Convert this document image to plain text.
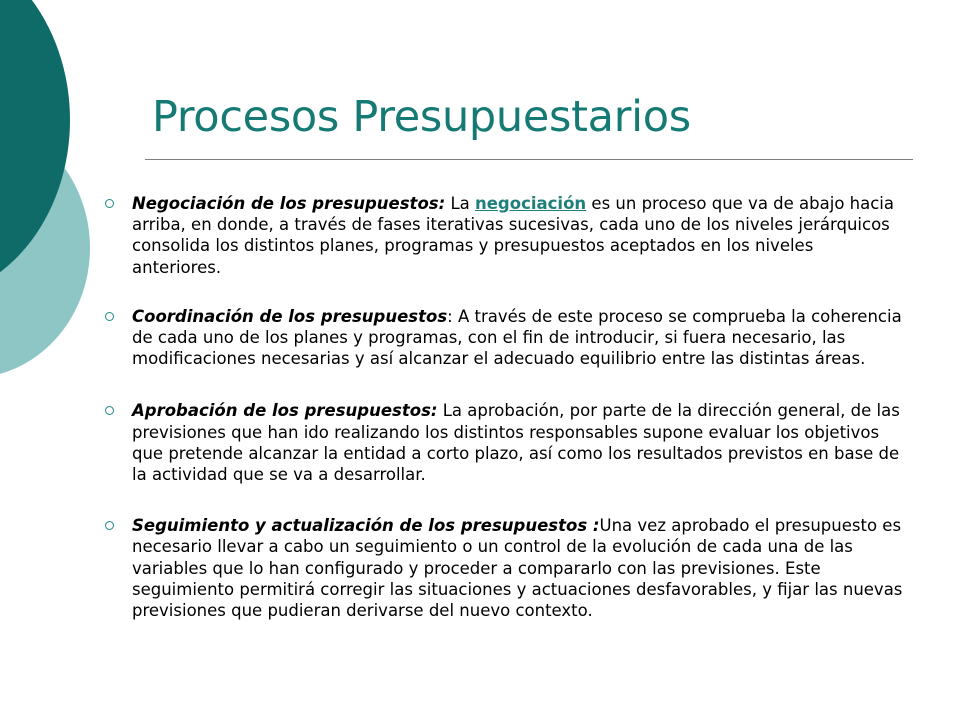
Procesos Presupuestarios
Negociación de los presupuestos: La negociación es un proceso que va de abajo hacia arriba, en donde, a través de fases iterativas sucesivas, cada uno de los niveles jerárquicos consolida los distintos planes, programas y presupuestos aceptados en los niveles anteriores.
Coordinación de los presupuestos: A través de este proceso se comprueba la coherencia de cada uno de los planes y programas, con el fin de introducir, si fuera necesario, las modificaciones necesarias y así alcanzar el adecuado equilibrio entre las distintas áreas.
Aprobación de los presupuestos: La aprobación, por parte de la dirección general, de las previsiones que han ido realizando los distintos responsables supone evaluar los objetivos que pretende alcanzar la entidad a corto plazo, así como los resultados previstos en base de la actividad que se va a desarrollar.
Seguimiento y actualización de los presupuestos :Una vez aprobado el presupuesto es necesario llevar a cabo un seguimiento o un control de la evolución de cada una de las variables que lo han configurado y proceder a compararlo con las previsiones. Este seguimiento permitirá corregir las situaciones y actuaciones desfavorables, y fijar las nuevas previsiones que pudieran derivarse del nuevo contexto.
